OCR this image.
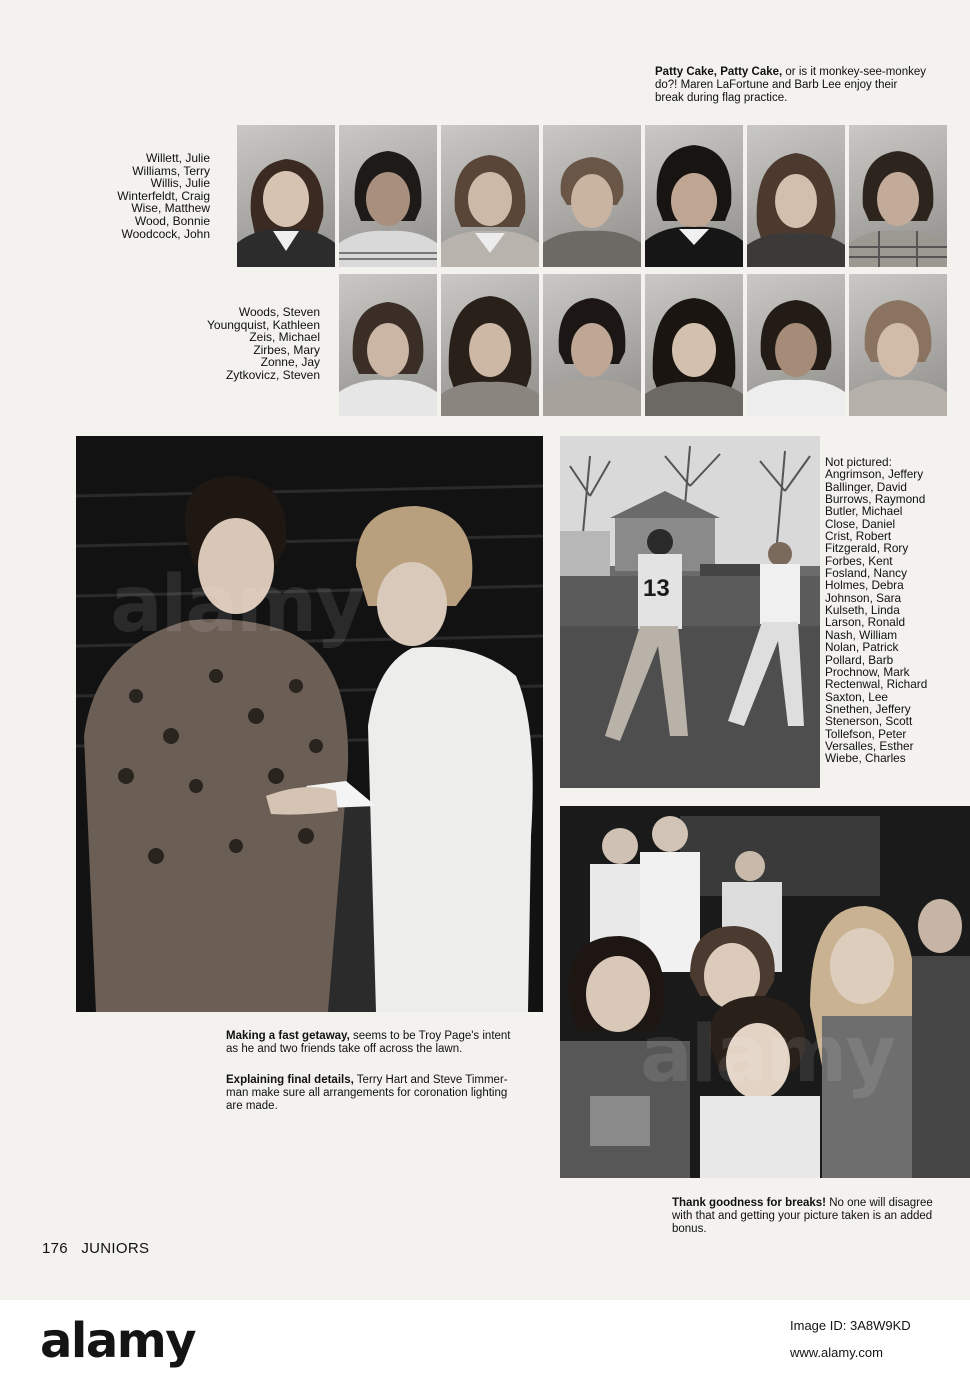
Patty Cake, Patty Cake, or is it monkey-see-monkey
do?! Maren LaFortune and Barb Lee enjoy their
break during flag practice.
Willett, Julie
Williams, Terry
Willis, Julie
Winterfeldt, Craig
Wise, Matthew
Wood, Bonnie
Woodcock, John
Woods, Steven
Youngquist, Kathleen
Zeis, Michael
Zirbes, Mary
Zonne, Jay
Zytkovicz, Steven
13
Not pictured:
Angrimson, Jeffery
Ballinger, David
Burrows, Raymond
Butler, Michael
Close, Daniel
Crist, Robert
Fitzgerald, Rory
Forbes, Kent
Fosland, Nancy
Holmes, Debra
Johnson, Sara
Kulseth, Linda
Larson, Ronald
Nash, William
Nolan, Patrick
Pollard, Barb
Prochnow, Mark
Rectenwal, Richard
Saxton, Lee
Snethen, Jeffery
Stenerson, Scott
Tollefson, Peter
Versalles, Esther
Wiebe, Charles
Making a fast getaway, seems to be Troy Page's intent
as he and two friends take off across the lawn.
Explaining final details, Terry Hart and Steve Timmer-
man make sure all arrangements for coronation lighting
are made.
Thank goodness for breaks! No one will disagree
with that and getting your picture taken is an added
bonus.
176 JUNIORS
alamy	Image ID: 3A8W9KD
www.alamy.com
